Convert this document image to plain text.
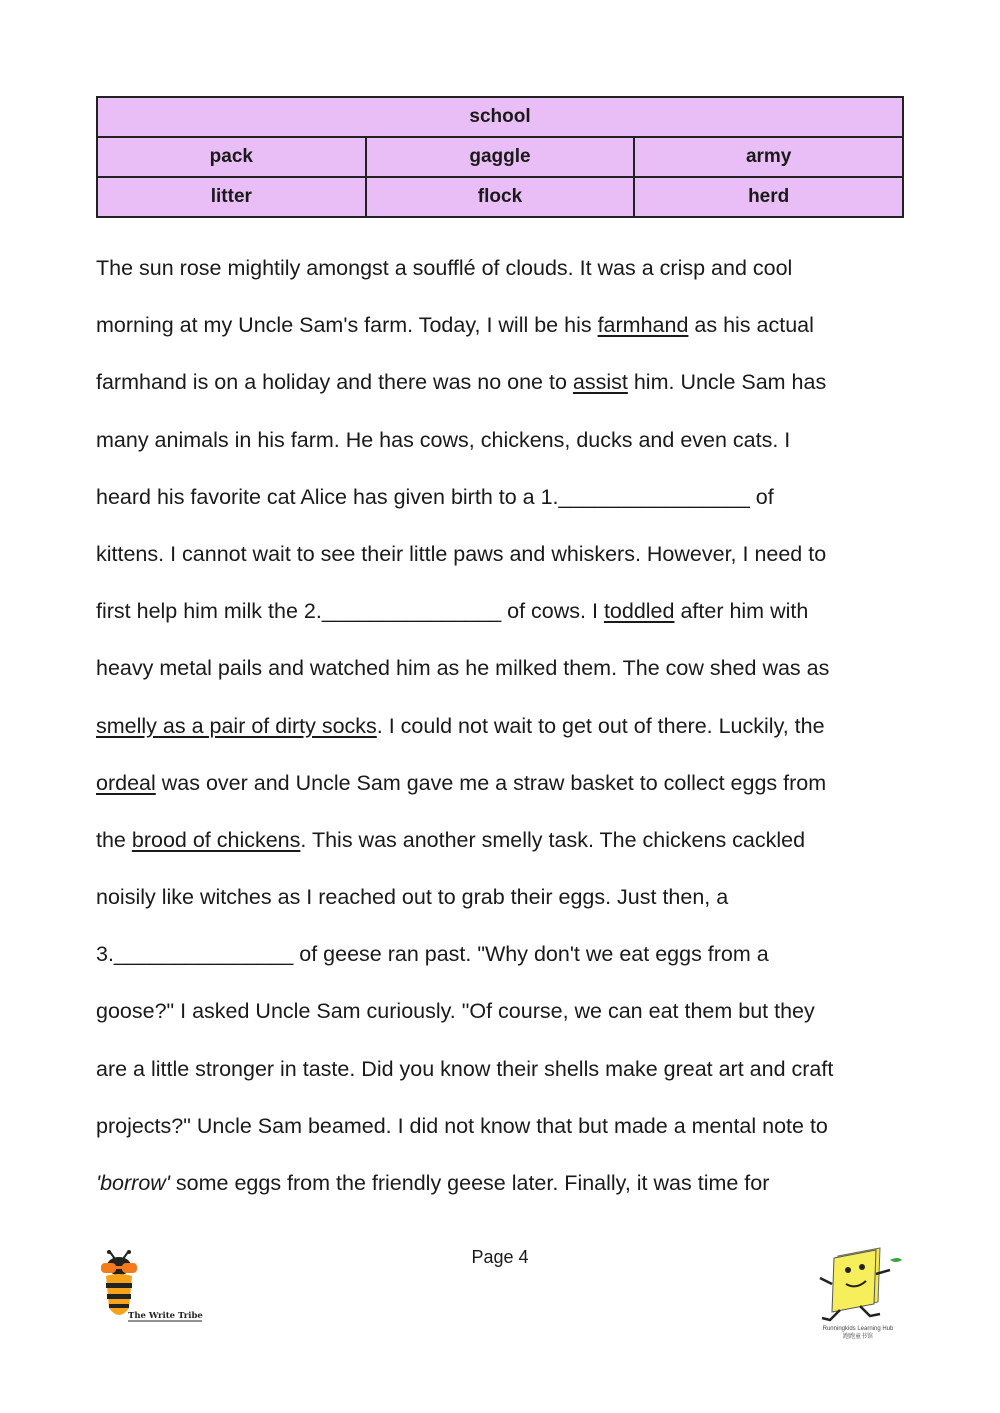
school		
pack	gaggle	army
litter	flock	herd
The sun rose mightily amongst a soufflé of clouds. It was a crisp and cool
morning at my Uncle Sam's farm. Today, I will be his farmhand as his actual
farmhand is on a holiday and there was no one to assist him. Uncle Sam has
many animals in his farm. He has cows, chickens, ducks and even cats. I
heard his favorite cat Alice has given birth to a 1.________________ of
kittens. I cannot wait to see their little paws and whiskers. However, I need to
first help him milk the 2._______________ of cows. I toddled after him with
heavy metal pails and watched him as he milked them. The cow shed was as
smelly as a pair of dirty socks. I could not wait to get out of there. Luckily, the
ordeal was over and Uncle Sam gave me a straw basket to collect eggs from
the brood of chickens. This was another smelly task. The chickens cackled
noisily like witches as I reached out to grab their eggs. Just then, a
3._______________ of geese ran past. "Why don't we eat eggs from a
goose?" I asked Uncle Sam curiously. "Of course, we can eat them but they
are a little stronger in taste. Did you know their shells make great art and craft
projects?" Uncle Sam beamed. I did not know that but made a mental note to
'borrow' some eggs from the friendly geese later. Finally, it was time for
Page 4
The Write Tribe
Runningkids Learning Hub
跑跑童书馆
